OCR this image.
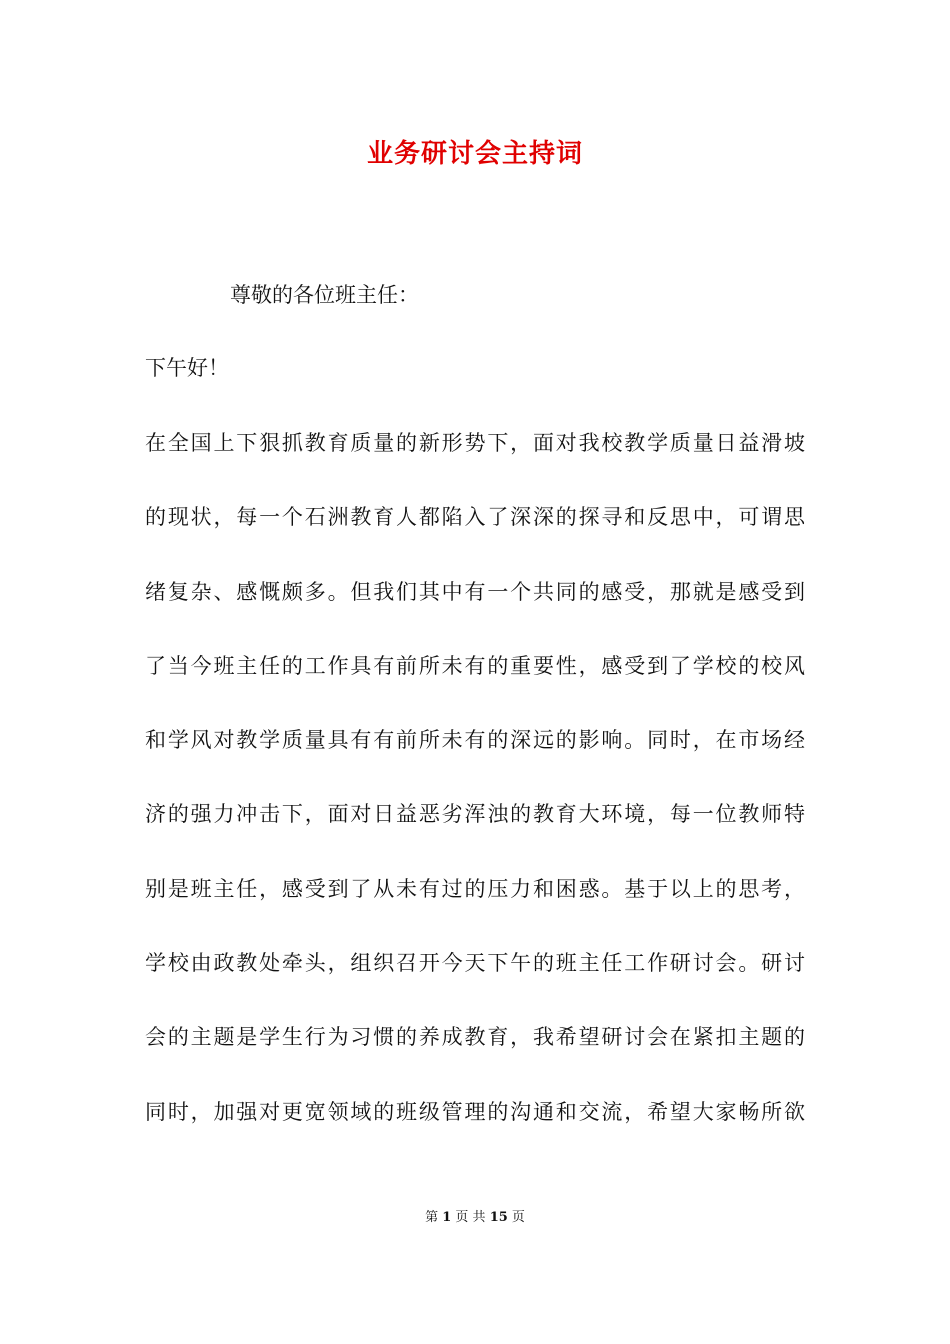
业务研讨会主持词
尊敬的各位班主任：
下午好！
在全国上下狠抓教育质量的新形势下，面对我校教学质量日益滑坡
的现状，每一个石洲教育人都陷入了深深的探寻和反思中，可谓思
绪复杂、感慨颇多。但我们其中有一个共同的感受，那就是感受到
了当今班主任的工作具有前所未有的重要性，感受到了学校的校风
和学风对教学质量具有有前所未有的深远的影响。同时，在市场经
济的强力冲击下，面对日益恶劣浑浊的教育大环境，每一位教师特
别是班主任，感受到了从未有过的压力和困惑。基于以上的思考，
学校由政教处牵头，组织召开今天下午的班主任工作研讨会。研讨
会的主题是学生行为习惯的养成教育，我希望研讨会在紧扣主题的
同时，加强对更宽领域的班级管理的沟通和交流，希望大家畅所欲
第 1 页 共 15 页
